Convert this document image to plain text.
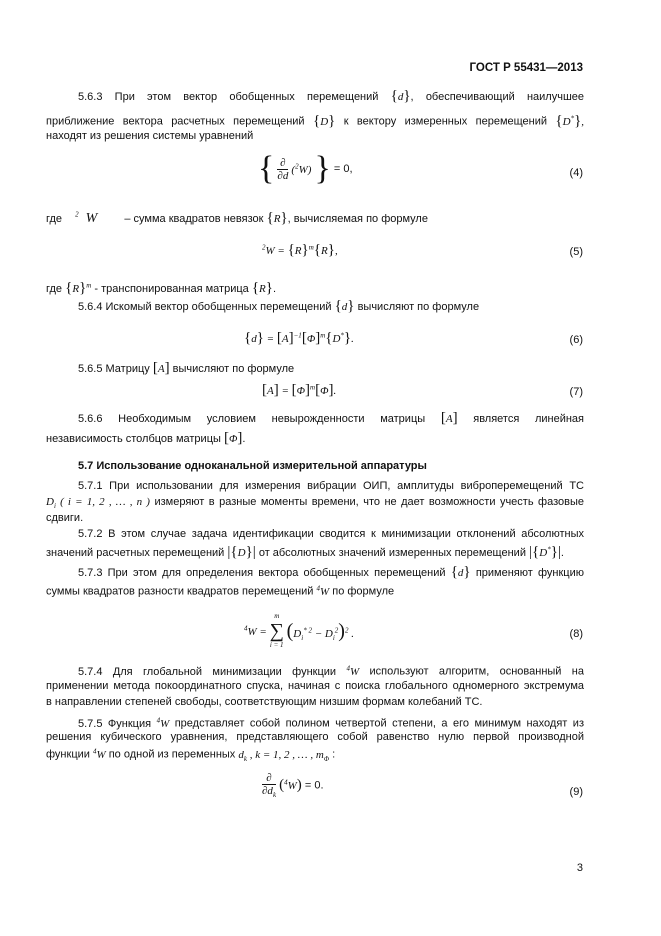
ГОСТ Р 55431—2013
5.6.3 При этом вектор обобщенных перемещений {d}, обеспечивающий наилучшее
приближение вектора расчетных перемещений {D} к вектору измеренных перемещений {D*},
находят из решения системы уравнений
{ $\frac{\partial}{\partial d} (^2W)$ } = 0,	(4)
где $^2$  W – сумма квадратов невязок {R}, вычисляемая по формуле
$^2W = \{R\}^т\{R\}$,	(5)
где $\{R\}^т$ - транспонированная матрица {R}.
5.6.4 Искомый вектор обобщенных перемещений {d} вычисляют по формуле
$\{d\} = [A]^{-1}[\Phi]^т\{D^*\}$.	(6)
5.6.5 Матрицу [A] вычисляют по формуле
$[A] = [\Phi]^т[\Phi]$.	(7)
5.6.6 Необходимым условием невырожденности матрицы [A] является линейная
независимость столбцов матрицы [Φ].
5.7 Использование одноканальной измерительной аппаратуры
5.7.1 При использовании для измерения вибрации ОИП, амплитуды виброперемещений ТС
$D_i$ ( i = 1, 2 , … , n ) измеряют в разные моменты времени, что не дает возможности учесть фазовые
сдвиги.
5.7.2 В этом случае задача идентификации сводится к минимизации отклонений абсолютных
значений расчетных перемещений |{D}| от абсолютных значений измеренных перемещений |{D*}|.
5.7.3 При этом для определения вектора обобщенных перемещений {d} применяют функцию
суммы квадратов разности квадратов перемещений $^4$W по формуле
$^4$W =
m
∑
i = 1
$(D_i^{* 2} - D_i^2)^2$ .	(8)
5.7.4 Для глобальной минимизации функции $^4$W используют алгоритм, основанный на
применении метода покоординатного спуска, начиная с поиска глобального одномерного экстремума
в направлении степеней свободы, соответствующим низшим формам колебаний ТС.
5.7.5 Функция $^4$W представляет собой полином четвертой степени, а его минимум находят из
решения кубического уравнения, представляющего собой равенство нулю первой производной
функции $^4$W по одной из переменных $d_k$ , k = 1, 2 , … , $m_\Phi$ :
$\frac{\partial}{\partial d_k} (^4W) = 0$.
(9)
3
